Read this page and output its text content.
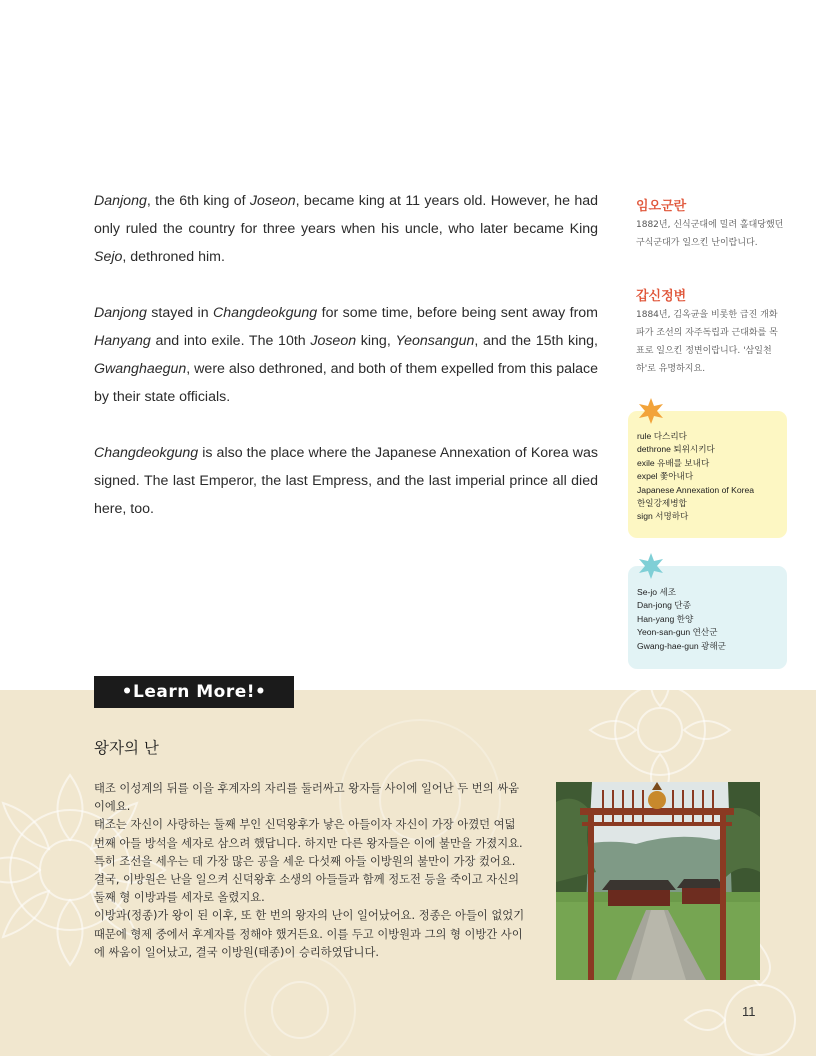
Danjong, the 6th king of Joseon, became king at 11 years old. However, he had only ruled the country for three years when his uncle, who later became King Sejo, dethroned him.

Danjong stayed in Changdeokgung for some time, before being sent away from Hanyang and into exile. The 10th Joseon king, Yeonsangun, and the 15th king, Gwanghaegun, were also dethroned, and both of them expelled from this palace by their state officials.

Changdeokgung is also the place where the Japanese Annexation of Korea was signed. The last Emperor, the last Empress, and the last imperial prince all died here, too.

임오군란

1882년, 신식군대에 밀려 홀대당했던 구식군대가 일으킨 난이랍니다.

갑신정변

1884년, 김옥균을 비롯한 급진 개화파가 조선의 자주독립과 근대화를 목표로 일으킨 정변이랍니다. '삼일천하'로 유명하지요.

rule 다스리다
dethrone 퇴위시키다
exile 유배를 보내다
expel 쫓아내다
Japanese Annexation of Korea
한일강제병합
sign 서명하다
Se-jo 세조
Dan-jong 단종
Han-yang 한양
Yeon-san-gun 연산군
Gwang-hae-gun 광해군
•Learn More!•
왕자의 난

태조 이성계의 뒤를 이을 후계자의 자리를 둘러싸고 왕자들 사이에 일어난 두 번의 싸움이에요.

태조는 자신이 사랑하는 둘째 부인 신덕왕후가 낳은 아들이자 자신이 가장 아꼈던 여덟 번째 아들 방석을 세자로 삼으려 했답니다. 하지만 다른 왕자들은 이에 불만을 가졌지요. 특히 조선을 세우는 데 가장 많은 공을 세운 다섯째 아들 이방원의 불만이 가장 컸어요. 결국, 이방원은 난을 일으켜 신덕왕후 소생의 아들들과 함께 정도전 등을 죽이고 자신의 둘째 형 이방과를 세자로 올렸지요.

이방과(정종)가 왕이 된 이후, 또 한 번의 왕자의 난이 일어났어요. 정종은 아들이 없었기 때문에 형제 중에서 후계자를 정해야 했거든요. 이를 두고 이방원과 그의 형 이방간 사이에 싸움이 일어났고, 결국 이방원(태종)이 승리하였답니다.

11
